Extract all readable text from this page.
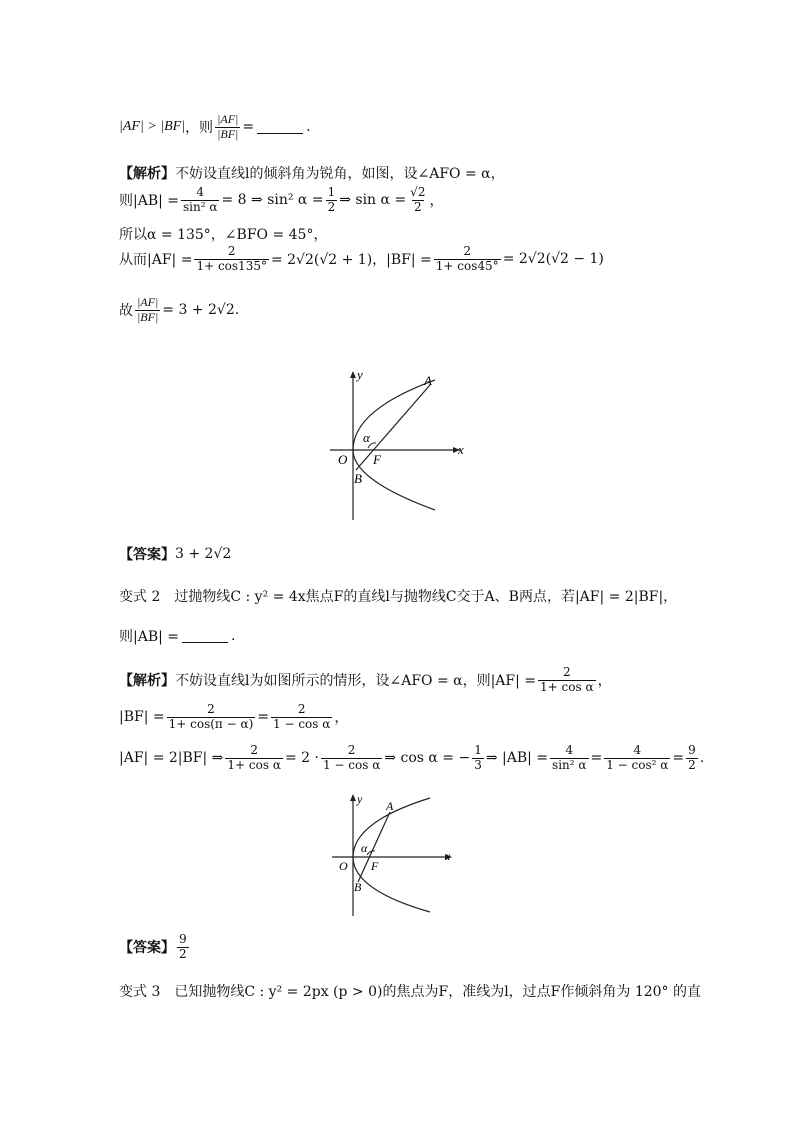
|AF| > |BF| ，则 $\frac{|AF|}{|BF|}$ =	.
【解析】 不妨设直线l的倾斜角为锐角，如图，设∠AFO = α，
则$|AB| = \frac{4}{\text{sin² α}} = 8$ ⇒ sin² $\alpha = \frac{1}{2}$ ⇒ $\sin \alpha = \frac{√2}{2}$ ，
所以α = 135°，∠BFO = 45°，
从而$|AF| = \frac{2}{1+ \cos 135^\circ} = 2√2(√2 + 1)$，$|BF| = \frac{2}{1+ \cos 45^\circ} = 2√2(√2 - 1)$
故 $\frac{|AF|}{|BF|} = 3 + 2√2$.
A
y
x
O F
B
α
【答案】 3 + 2√2
变式 2　过抛物线C : y² = 4x焦点F的直线l与抛物线C交于A、B两点，若|AF| = 2|BF|，
则|AB| =	.
【解析】 不妨设直线l为如图所示的情形，设∠AFO = α，则$|AF| = \frac{2}{\text{1+ cos α}}$ ，
$|BF| = \frac{2}{1+ \cos(\pi - \alpha)} = \frac{2}{\text{1 − cos α}}$ ，
|AF| = 2|BF| ⇒ $\frac{2}{\text{1+ cos α}} = 2 \cdot \frac{2}{\text{1 − cos α}}$ ⇒ cos α = − $\frac{1}{3}$ ⇒ $|AB| = \frac{4}{\text{sin² α}} = \frac{4}{\text{1 − cos² α}} = \frac{9}{2}$ .
A
y
x
O F
B
α
【答案】 $\frac{9}{2}$
变式 3　已知抛物线C : y² = 2px (p > 0)的焦点为F，准线为l，过点F作倾斜角为 120° 的直
